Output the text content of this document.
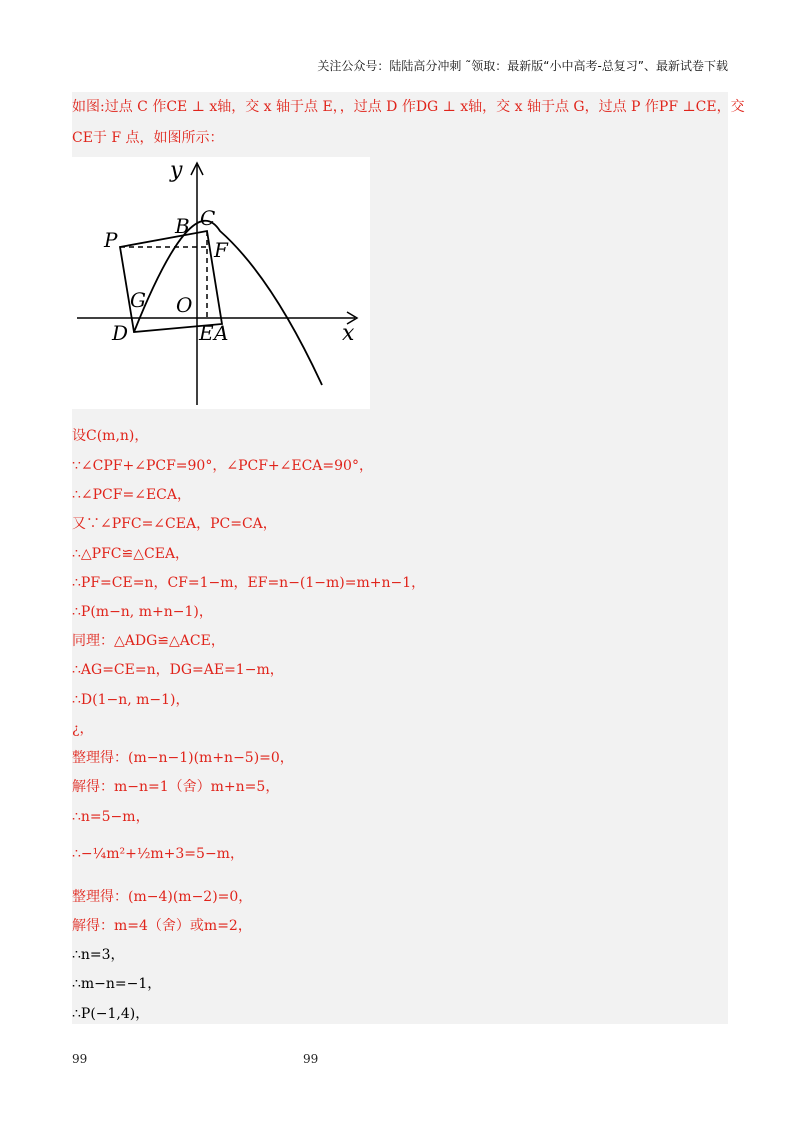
关注公众号：陆陆高分冲刺 ˜领取：最新版“小中高考-总复习”、最新试卷下载
如图:过点 C 作CE ⊥ x轴，交 x 轴于点 E，，过点 D 作DG ⊥ x轴，交 x 轴于点 G，过点 P 作PF ⊥CE，交
CE于 F 点，如图所示：
y
x
P
B C
F
G O
D	E A
设C(m,n)，
∵∠CPF+∠PCF=90°，∠PCF+∠ECA=90°，
∴∠PCF=∠ECA，
又∵∠PFC=∠CEA，PC=CA，
∴△PFC≌△CEA，
∴PF=CE=n，CF=1−m，EF=n−(1−m)=m+n−1，
∴P(m−n, m+n−1)，
同理：△ADG≌△ACE，
∴AG=CE=n，DG=AE=1−m，
∴D(1−n, m−1)，
¿，
整理得：(m−n−1)(m+n−5)=0，
解得：m−n=1（舍）m+n=5，
∴n=5−m，
∴−¼m²+½m+3=5−m，
整理得：(m−4)(m−2)=0，
解得：m=4（舍）或m=2，
∴n=3，
∴m−n=−1，
∴P(−1,4)，
99	99
